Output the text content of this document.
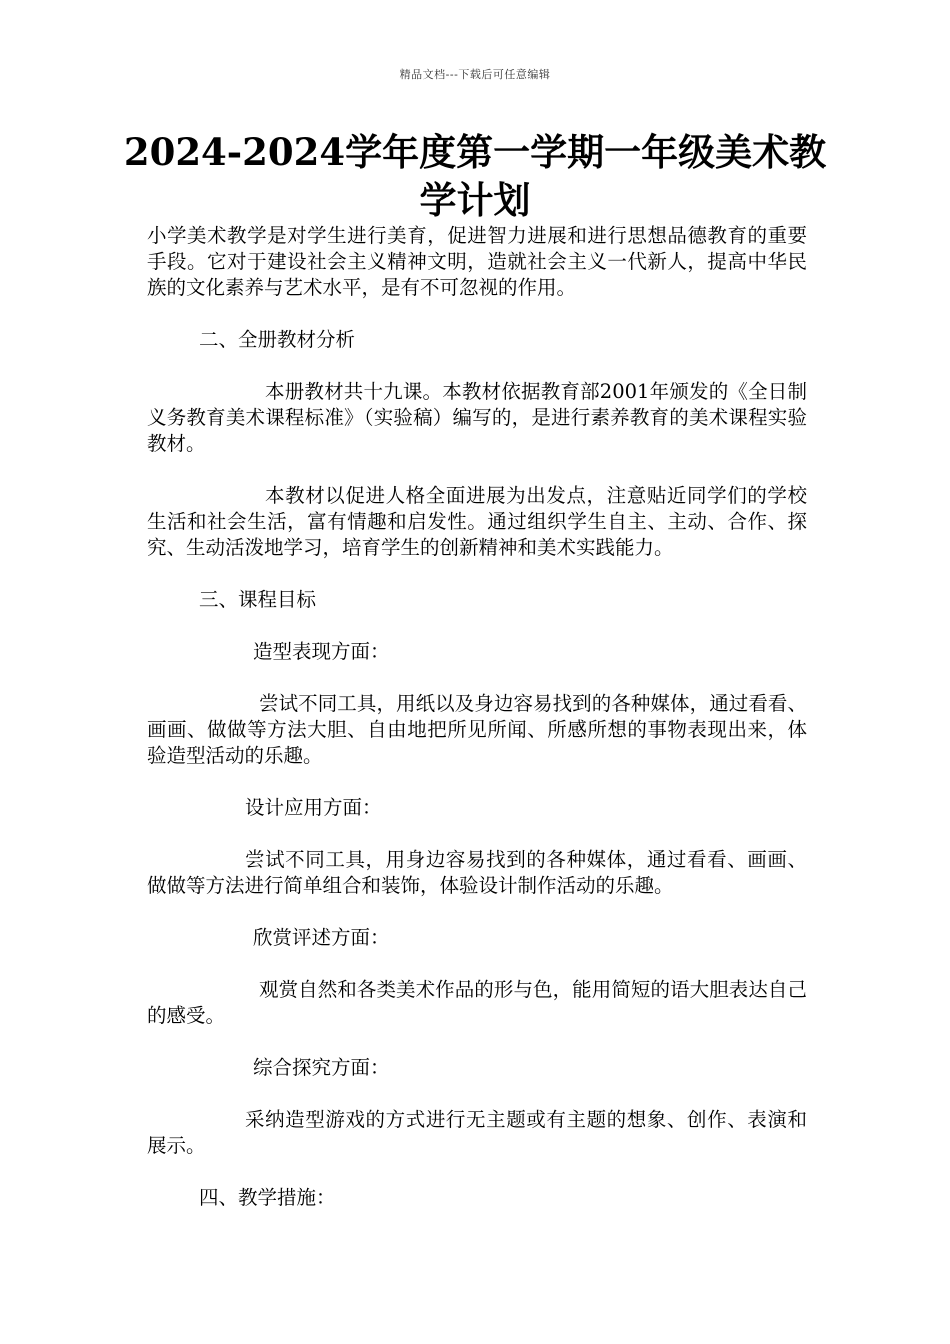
精品文档---下载后可任意编辑
2024-2024学年度第一学期一年级美术教学计划

小学美术教学是对学生进行美育，促进智力进展和进行思想品德教育的重要手段。它对于建设社会主义精神文明，造就社会主义一代新人，提高中华民族的文化素养与艺术水平，是有不可忽视的作用。

二、全册教材分析

本册教材共十九课。本教材依据教育部2001年颁发的《全日制义务教育美术课程标准》（实验稿）编写的，是进行素养教育的美术课程实验教材。

本教材以促进人格全面进展为出发点，注意贴近同学们的学校生活和社会生活，富有情趣和启发性。通过组织学生自主、主动、合作、探究、生动活泼地学习，培育学生的创新精神和美术实践能力。

三、课程目标

造型表现方面：

尝试不同工具，用纸以及身边容易找到的各种媒体，通过看看、画画、做做等方法大胆、自由地把所见所闻、所感所想的事物表现出来，体验造型活动的乐趣。

设计应用方面：

尝试不同工具，用身边容易找到的各种媒体，通过看看、画画、做做等方法进行简单组合和装饰，体验设计制作活动的乐趣。

欣赏评述方面：

观赏自然和各类美术作品的形与色，能用简短的语大胆表达自己的感受。

综合探究方面：

采纳造型游戏的方式进行无主题或有主题的想象、创作、表演和展示。

四、教学措施：
